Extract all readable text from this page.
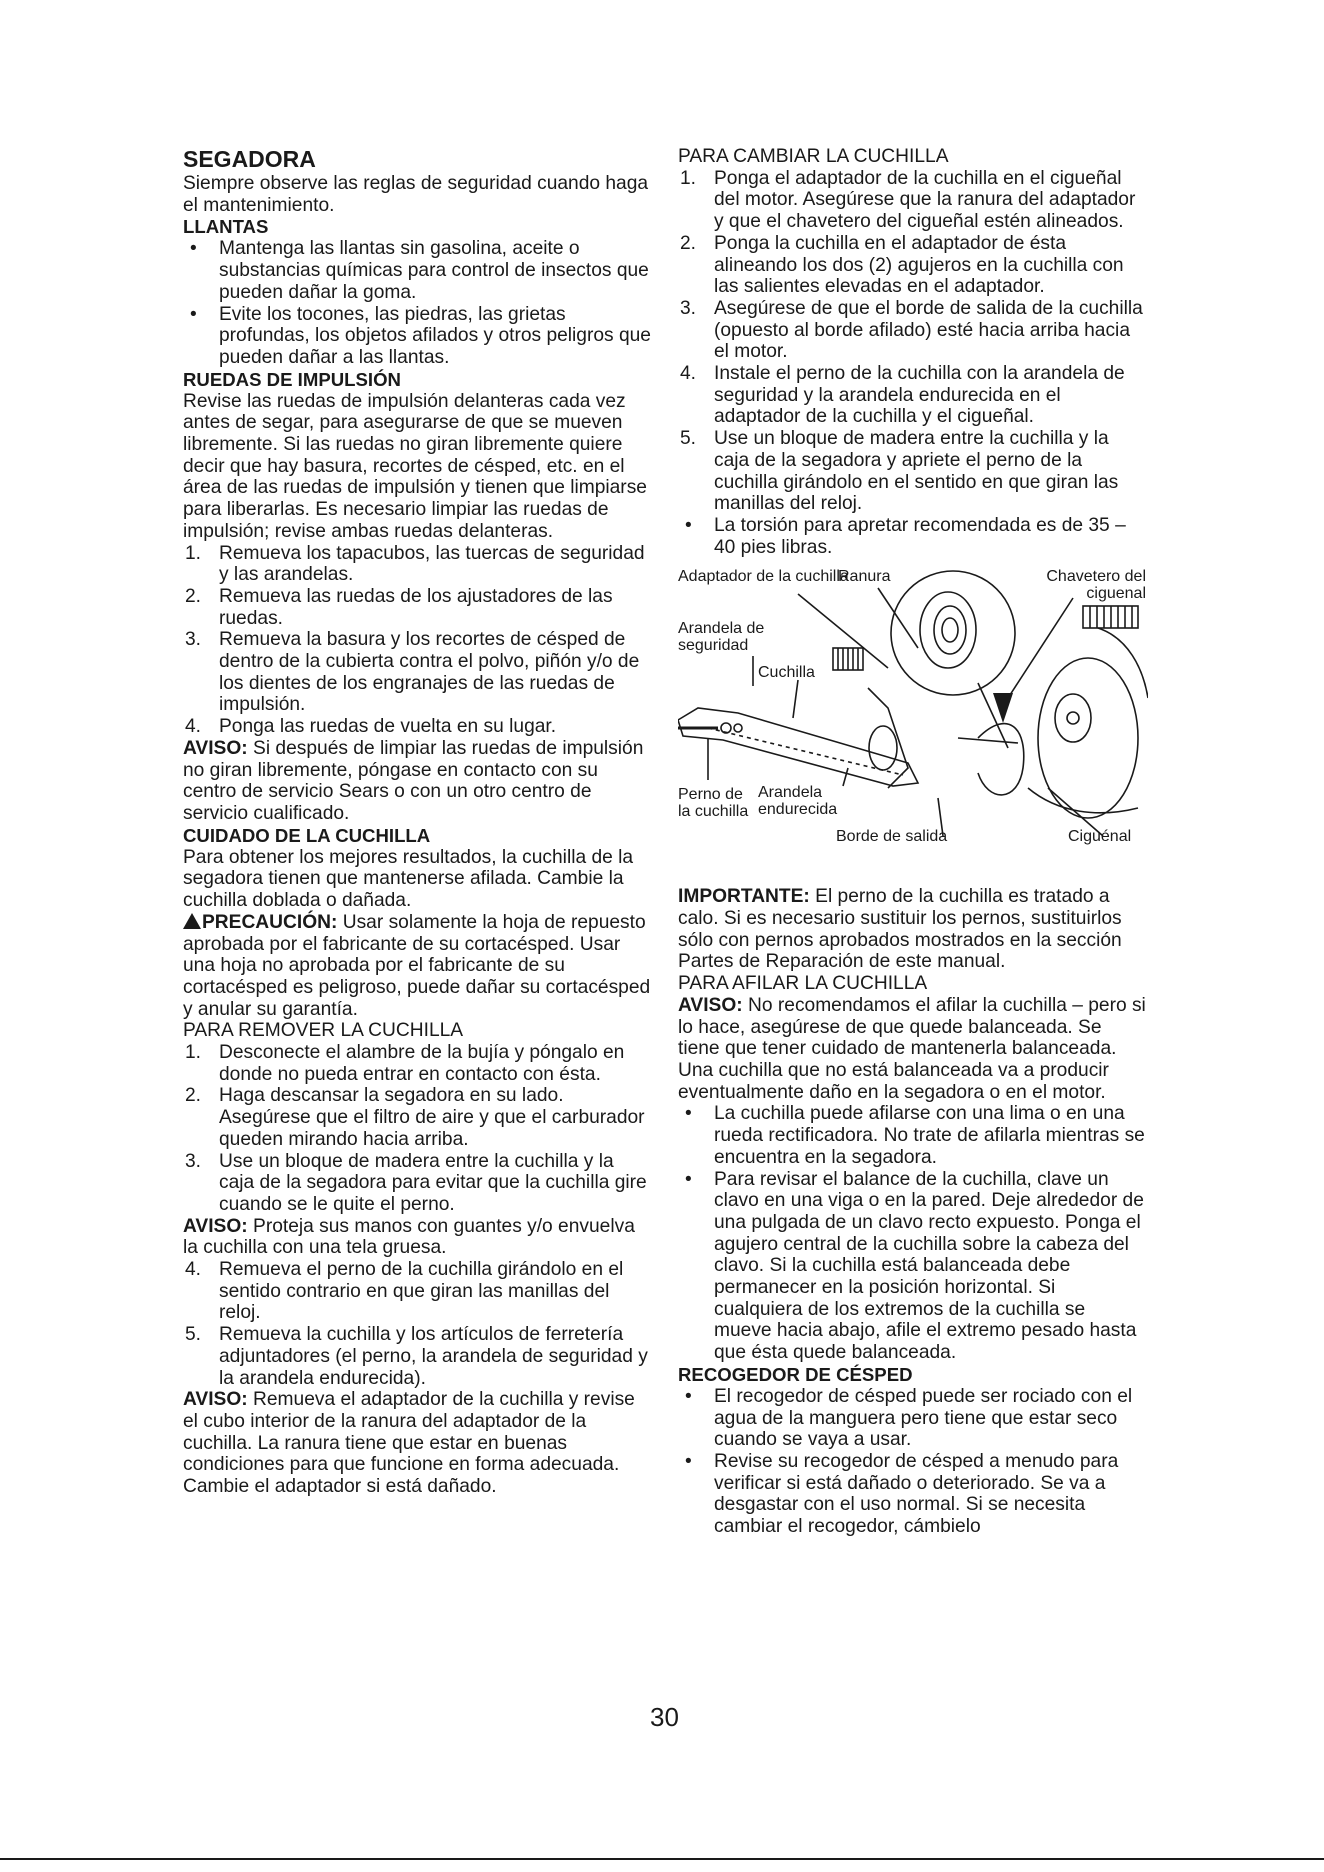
SEGADORA

Siempre observe las reglas de seguridad cuando haga el mantenimiento.

LLANTAS

• Mantenga las llantas sin gasolina, aceite o substancias químicas para control de insectos que pueden dañar la goma.
• Evite los tocones, las piedras, las grietas profundas, los objetos afilados y otros peligros que pueden dañar a las llantas.

RUEDAS DE IMPULSIÓN

Revise las ruedas de impulsión delanteras cada vez antes de segar, para asegurarse de que se mueven libremente. Si las ruedas no giran libremente quiere decir que hay basura, recortes de césped, etc. en el área de las ruedas de impulsión y tienen que limpiarse para liberarlas. Es necesario limpiar las ruedas de impulsión; revise ambas ruedas delanteras.

1. Remueva los tapacubos, las tuercas de seguridad y las arandelas.
2. Remueva las ruedas de los ajustadores de las ruedas.
3. Remueva la basura y los recortes de césped de dentro de la cubierta contra el polvo, piñón y/o de los dientes de los engranajes de las ruedas de impulsión.
4. Ponga las ruedas de vuelta en su lugar.

AVISO: Si después de limpiar las ruedas de impulsión no giran libremente, póngase en contacto con su centro de servicio Sears o con un otro centro de servicio cualificado.

CUIDADO DE LA CUCHILLA

Para obtener los mejores resultados, la cuchilla de la segadora tienen que mantenerse afilada. Cambie la cuchilla doblada o dañada.

PRECAUCIÓN: Usar solamente la hoja de repuesto aprobada por el fabricante de su cortacésped. Usar una hoja no aprobada por el fabricante de su cortacésped es peligroso, puede dañar su cortacésped y anular su garantía.

PARA REMOVER LA CUCHILLA

1. Desconecte el alambre de la bujía y póngalo en donde no pueda entrar en contacto con ésta.
2. Haga descansar la segadora en su lado. Asegúrese que el filtro de aire y que el carburador queden mirando hacia arriba.
3. Use un bloque de madera entre la cuchilla y la caja de la segadora para evitar que la cuchilla gire cuando se le quite el perno.

AVISO: Proteja sus manos con guantes y/o envuelva la cuchilla con una tela gruesa.

4. Remueva el perno de la cuchilla girándolo en el sentido contrario en que giran las manillas del reloj.
5. Remueva la cuchilla y los artículos de ferretería adjuntadores (el perno, la arandela de seguridad y la arandela endurecida).

AVISO: Remueva el adaptador de la cuchilla y revise el cubo interior de la ranura del adaptador de la cuchilla. La ranura tiene que estar en buenas condiciones para que funcione en forma adecuada. Cambie el adaptador si está dañado.

PARA CAMBIAR LA CUCHILLA

1. Ponga el adaptador de la cuchilla en el cigueñal del motor. Asegúrese que la ranura del adaptador y que el chavetero del cigueñal estén alineados.
2. Ponga la cuchilla en el adaptador de ésta alineando los dos (2) agujeros en la cuchilla con las salientes elevadas en el adaptador.
3. Asegúrese de que el borde de salida de la cuchilla (opuesto al borde afilado) esté hacia arriba hacia el motor.
4. Instale el perno de la cuchilla con la arandela de seguridad y la arandela endurecida en el adaptador de la cuchilla y el cigueñal.
5. Use un bloque de madera entre la cuchilla y la caja de la segadora y apriete el perno de la cuchilla girándolo en el sentido en que giran las manillas del reloj.
• La torsión para apretar recomendada es de 35 – 40 pies libras.
Adaptador de la cuchilla
Ranura	Chavetero del ciguenal
Arandela de seguridad
Cuchilla
Perno de la cuchilla
Arandela endurecida
Borde de salida	Ciguénal

IMPORTANTE: El perno de la cuchilla es tratado a calo. Si es necesario sustituir los pernos, sustituirlos sólo con pernos aprobados mostrados en la sección Partes de Reparación de este manual.

PARA AFILAR LA CUCHILLA

AVISO: No recomendamos el afilar la cuchilla – pero si lo hace, asegúrese de que quede balanceada. Se tiene que tener cuidado de mantenerla balanceada. Una cuchilla que no está balanceada va a producir eventualmente daño en la segadora o en el motor.

• La cuchilla puede afilarse con una lima o en una rueda rectificadora. No trate de afilarla mientras se encuentra en la segadora.
• Para revisar el balance de la cuchilla, clave un clavo en una viga o en la pared. Deje alrededor de una pulgada de un clavo recto expuesto. Ponga el agujero central de la cuchilla sobre la cabeza del clavo. Si la cuchilla está balanceada debe permanecer en la posición horizontal. Si cualquiera de los extremos de la cuchilla se mueve hacia abajo, afile el extremo pesado hasta que ésta quede balanceada.

RECOGEDOR DE CÉSPED

• El recogedor de césped puede ser rociado con el agua de la manguera pero tiene que estar seco cuando se vaya a usar.
• Revise su recogedor de césped a menudo para verificar si está dañado o deteriorado. Se va a desgastar con el uso normal. Si se necesita cambiar el recogedor, cámbielo
30
